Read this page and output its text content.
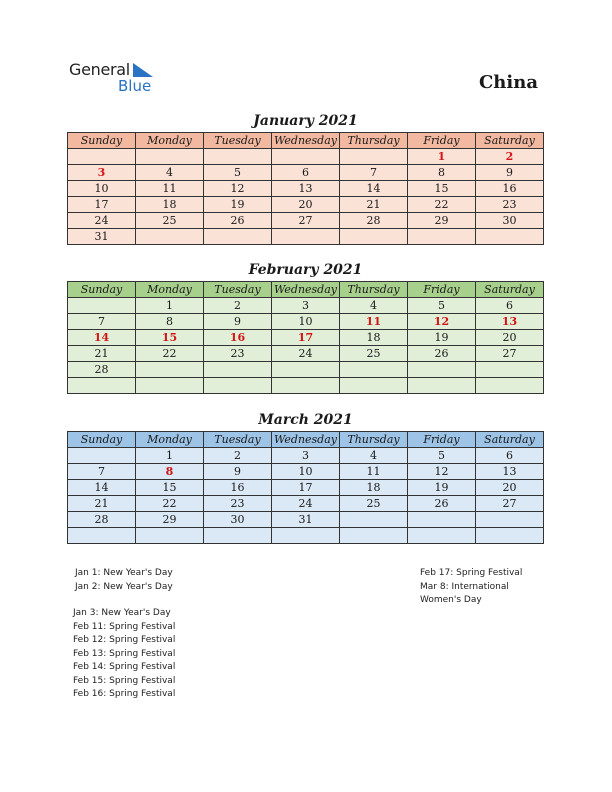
General
Blue	China
January 2021
Sunday	Monday	Tuesday	Wednesday	Thursday	Friday	Saturday
					1	2
3	4	5	6	7	8	9
10	11	12	13	14	15	16
17	18	19	20	21	22	23
24	25	26	27	28	29	30
31						
February 2021
Sunday	Monday	Tuesday	Wednesday	Thursday	Friday	Saturday
	1	2	3	4	5	6
7	8	9	10	11	12	13
14	15	16	17	18	19	20
21	22	23	24	25	26	27
28						

March 2021
Sunday	Monday	Tuesday	Wednesday	Thursday	Friday	Saturday
	1	2	3	4	5	6
7	8	9	10	11	12	13
14	15	16	17	18	19	20
21	22	23	24	25	26	27
28	29	30	31			

Jan 1: New Year's Day
Jan 2: New Year's Day
Jan 3: New Year's Day
Feb 11: Spring Festival
Feb 12: Spring Festival
Feb 13: Spring Festival
Feb 14: Spring Festival
Feb 15: Spring Festival
Feb 16: Spring Festival
Feb 17: Spring Festival
Mar 8: International
Women's Day
